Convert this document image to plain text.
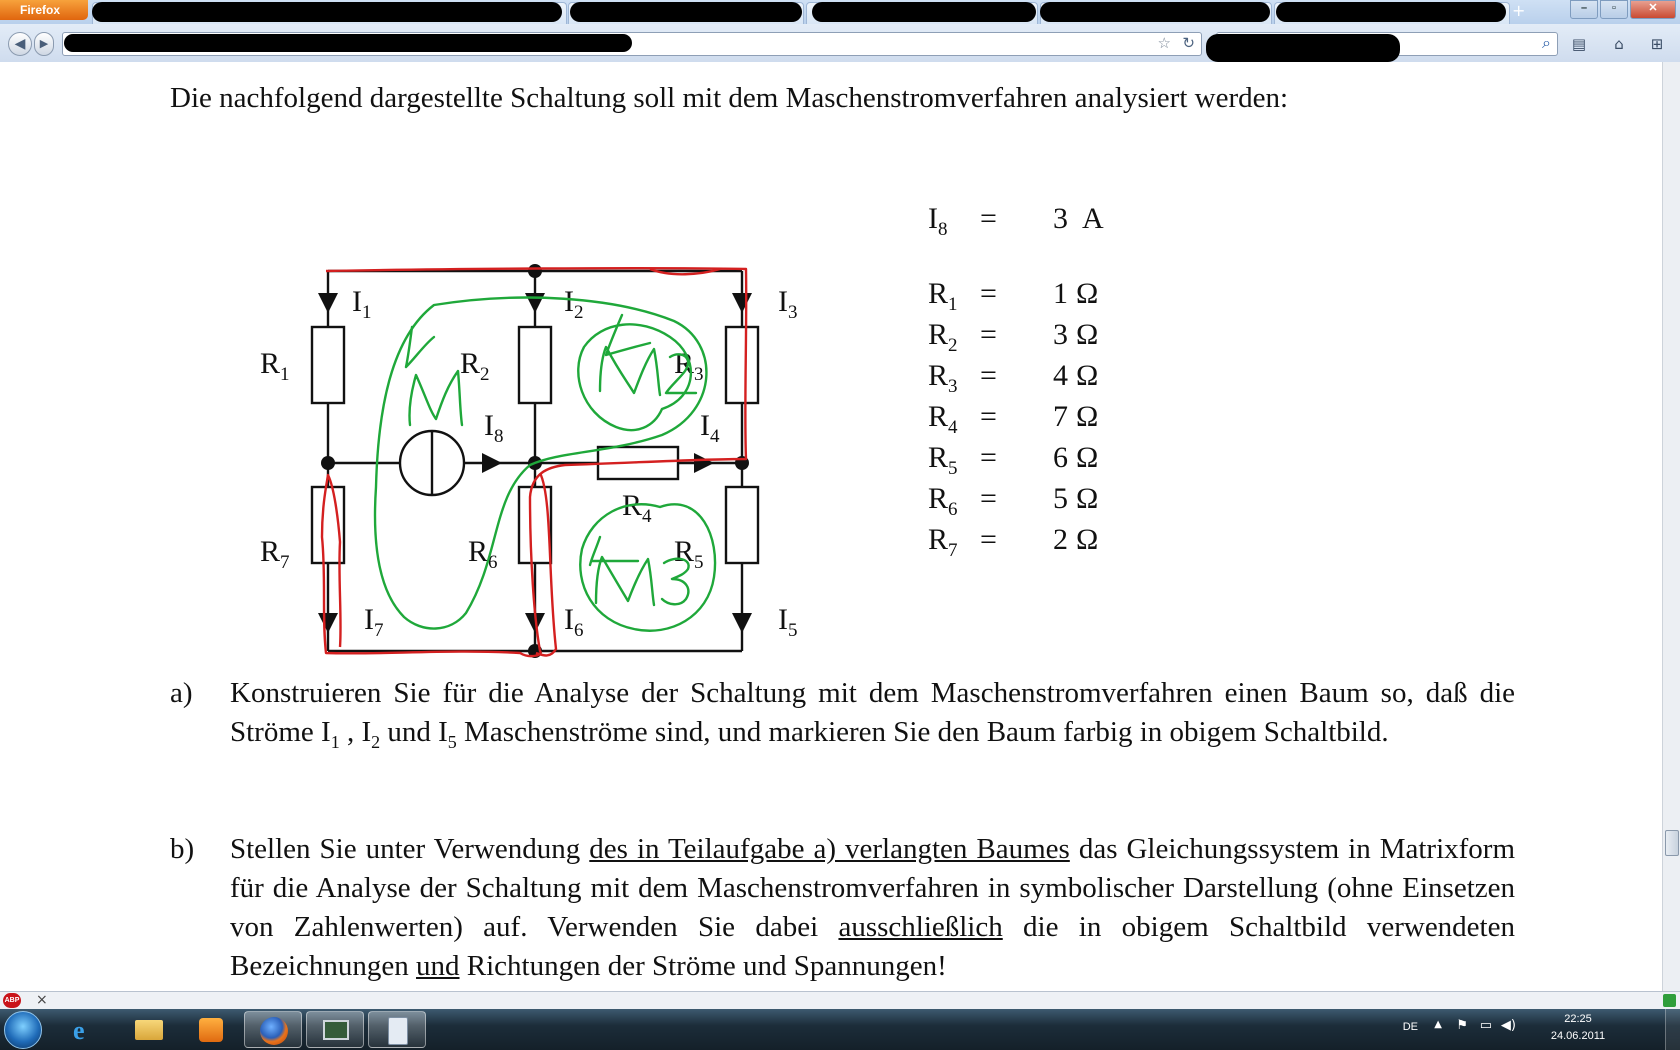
Firefox	+	–	▫	✕
◀	▶	☆ ↻	⌕ ▤	⌂	⊞
Die nachfolgend dargestellte Schaltung soll mit dem Maschenstromverfahren analysiert werden:
$I_1$	$I_2$	$I_3$
$I_4$
$I_5$
$I_6$
$I_7$
$I_8$
$R_1$	$R_2$	$R_3$
$R_4$
$R_5$
$R_6$
$R_7$
$I_8 = 3$ A
$R_1 = 1$ Ω
$R_2 = 3$ Ω
$R_3 = 4$ Ω
$R_4 = 7$ Ω
$R_5 = 6$ Ω
$R_6 = 5$ Ω
$R_7 = 2$ Ω
a) Konstruieren Sie für die Analyse der Schaltung mit dem Maschenstromverfahren einen Baum so, daß die Ströme $I_1$ , $I_2$ und $I_5$ Maschenströme sind, und markieren Sie den Baum farbig in obigem Schaltbild.
b) Stellen Sie unter Verwendung des in Teilaufgabe a) verlangten Baumes das Gleichungssystem in Matrixform für die Analyse der Schaltung mit dem Maschenstromverfahren in symbolischer Darstellung (ohne Einsetzen von Zahlenwerten) auf. Verwenden Sie dabei ausschließlich die in obigem Schaltbild verwendeten Bezeichnungen und Richtungen der Ströme und Spannungen!
ABP ×
e	DE ▲ ⚑ ▭ ◀)	22:25
24.06.2011
